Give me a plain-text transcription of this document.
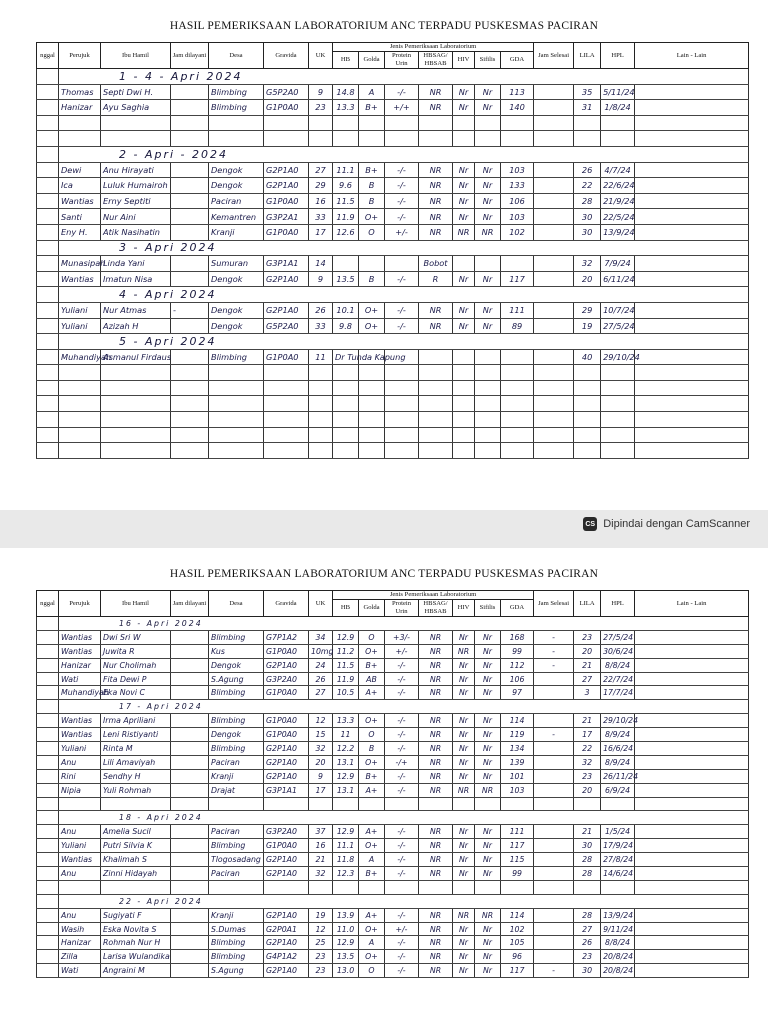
HASIL PEMERIKSAAN LABORATORIUM ANC TERPADU PUSKESMAS PACIRAN
nggal	Perujuk	Ibu Hamil	Jam dilayani	Desa	Gravida	UK	Jenis Pemeriksaan Laboratorium							Jam Selesai	LILA	HPL	Lain - Lain
							HB	Golda	Protein Urin	HBSAG/ HBSAB	HIV	Sifilis	GDA				
	1 - 4 - Apri 2024																
	Thomas	Septi Dwi H.		Blimbing	G5P2A0	9	14.8	A	-/-	NR	Nr	Nr	113		35	5/11/24	
	Hanizar	Ayu Saghia		Blimbing	G1P0A0	23	13.3	B+	+/+	NR	Nr	Nr	140		31	1/8/24	

	2 - Apri - 2024																
	Dewi	Anu Hirayati		Dengok	G2P1A0	27	11.1	B+	-/-	NR	Nr	Nr	103		26	4/7/24	
	Ica	Luluk Humairoh		Dengok	G2P1A0	29	9.6	B	-/-	NR	Nr	Nr	133		22	22/6/24	
	Wantias	Erny Septiti		Paciran	G1P0A0	16	11.5	B	-/-	NR	Nr	Nr	106		28	21/9/24	
	Santi	Nur Aini		Kemantren	G3P2A1	33	11.9	O+	-/-	NR	Nr	Nr	103		30	22/5/24	
	Eny H.	Atik Nasihatin		Kranji	G1P0A0	17	12.6	O	+/-	NR	NR	NR	102		30	13/9/24	
	3 - Apri 2024																
	Munasipah	Linda Yani		Sumuran	G3P1A1	14				Bobot					32	7/9/24	
	Wantias	Imatun Nisa		Dengok	G2P1A0	9	13.5	B	-/-	R	Nr	Nr	117		20	6/11/24	
	4 - Apri 2024																
	Yuliani	Nur Atmas	-	Dengok	G2P1A0	26	10.1	O+	-/-	NR	Nr	Nr	111		29	10/7/24	
	Yuliani	Azizah H		Dengok	G5P2A0	33	9.8	O+	-/-	NR	Nr	Nr	89		19	27/5/24	
	5 - Apri 2024																
	Muhandiyah	Asmanul Firdaus		Blimbing	G1P0A0	11	Dr Tunda Kapung								40	29/10/24	

CS Dipindai dengan CamScanner
HASIL PEMERIKSAAN LABORATORIUM ANC TERPADU PUSKESMAS PACIRAN
nggal	Perujuk	Ibu Hamil	Jam dilayani	Desa	Gravida	UK	Jenis Pemeriksaan Laboratorium							Jam Selesai	LILA	HPL	Lain - Lain
							HB	Golda	Protein Urin	HBSAG/ HBSAB	HIV	Sifilis	GDA				
	16 - Apri 2024																
	Wantias	Dwi Sri W		Blimbing	G7P1A2	34	12.9	O	+3/-	NR	Nr	Nr	168	-	23	27/5/24	
	Wantias	Juwita R		Kus	G1P0A0	10mg	11.2	O+	+/-	NR	NR	Nr	99	-	20	30/6/24	
	Hanizar	Nur Cholimah		Dengok	G2P1A0	24	11.5	B+	-/-	NR	Nr	Nr	112	-	21	8/8/24	
	Wati	Fita Dewi P		S.Agung	G3P2A0	26	11.9	AB	-/-	NR	Nr	Nr	106		27	22/7/24	
	Muhandiyah	Eka Novi C		Blimbing	G1P0A0	27	10.5	A+	-/-	NR	Nr	Nr	97		3	17/7/24	
	17 - Apri 2024																
	Wantias	Irma Apriliani		Blimbing	G1P0A0	12	13.3	O+	-/-	NR	Nr	Nr	114		21	29/10/24	
	Wantias	Leni Ristiyanti		Dengok	G1P0A0	15	11	O	-/-	NR	Nr	Nr	119	-	17	8/9/24	
	Yuliani	Rinta M		Blimbing	G2P1A0	32	12.2	B	-/-	NR	Nr	Nr	134		22	16/6/24	
	Anu	Lili Amaviyah		Paciran	G2P1A0	20	13.1	O+	-/+	NR	Nr	Nr	139		32	8/9/24	
	Rini	Sendhy H		Kranji	G2P1A0	9	12.9	B+	-/-	NR	Nr	Nr	101		23	26/11/24	
	Nipia	Yuli Rohmah		Drajat	G3P1A1	17	13.1	A+	-/-	NR	NR	NR	103		20	6/9/24	

	18 - Apri 2024																
	Anu	Amelia Sucil		Paciran	G3P2A0	37	12.9	A+	-/-	NR	Nr	Nr	111		21	1/5/24	
	Yuliani	Putri Silvia K		Blimbing	G1P0A0	16	11.1	O+	-/-	NR	Nr	Nr	117		30	17/9/24	
	Wantias	Khalimah S		Tlogosadang	G2P1A0	21	11.8	A	-/-	NR	Nr	Nr	115		28	27/8/24	
	Anu	Zinni Hidayah		Paciran	G2P1A0	32	12.3	B+	-/-	NR	Nr	Nr	99		28	14/6/24	

	22 - Apri 2024																
	Anu	Sugiyati F		Kranji	G2P1A0	19	13.9	A+	-/-	NR	NR	NR	114		28	13/9/24	
	Wasih	Eska Novita S		S.Dumas	G2P0A1	12	11.0	O+	+/-	NR	Nr	Nr	102		27	9/11/24	
	Hanizar	Rohmah Nur H		Blimbing	G2P1A0	25	12.9	A	-/-	NR	Nr	Nr	105		26	8/8/24	
	Zilla	Larisa Wulandika		Blimbing	G4P1A2	23	13.5	O+	-/-	NR	Nr	Nr	96		23	20/8/24	
	Wati	Angraini M		S.Agung	G2P1A0	23	13.0	O	-/-	NR	Nr	Nr	117	-	30	20/8/24	
